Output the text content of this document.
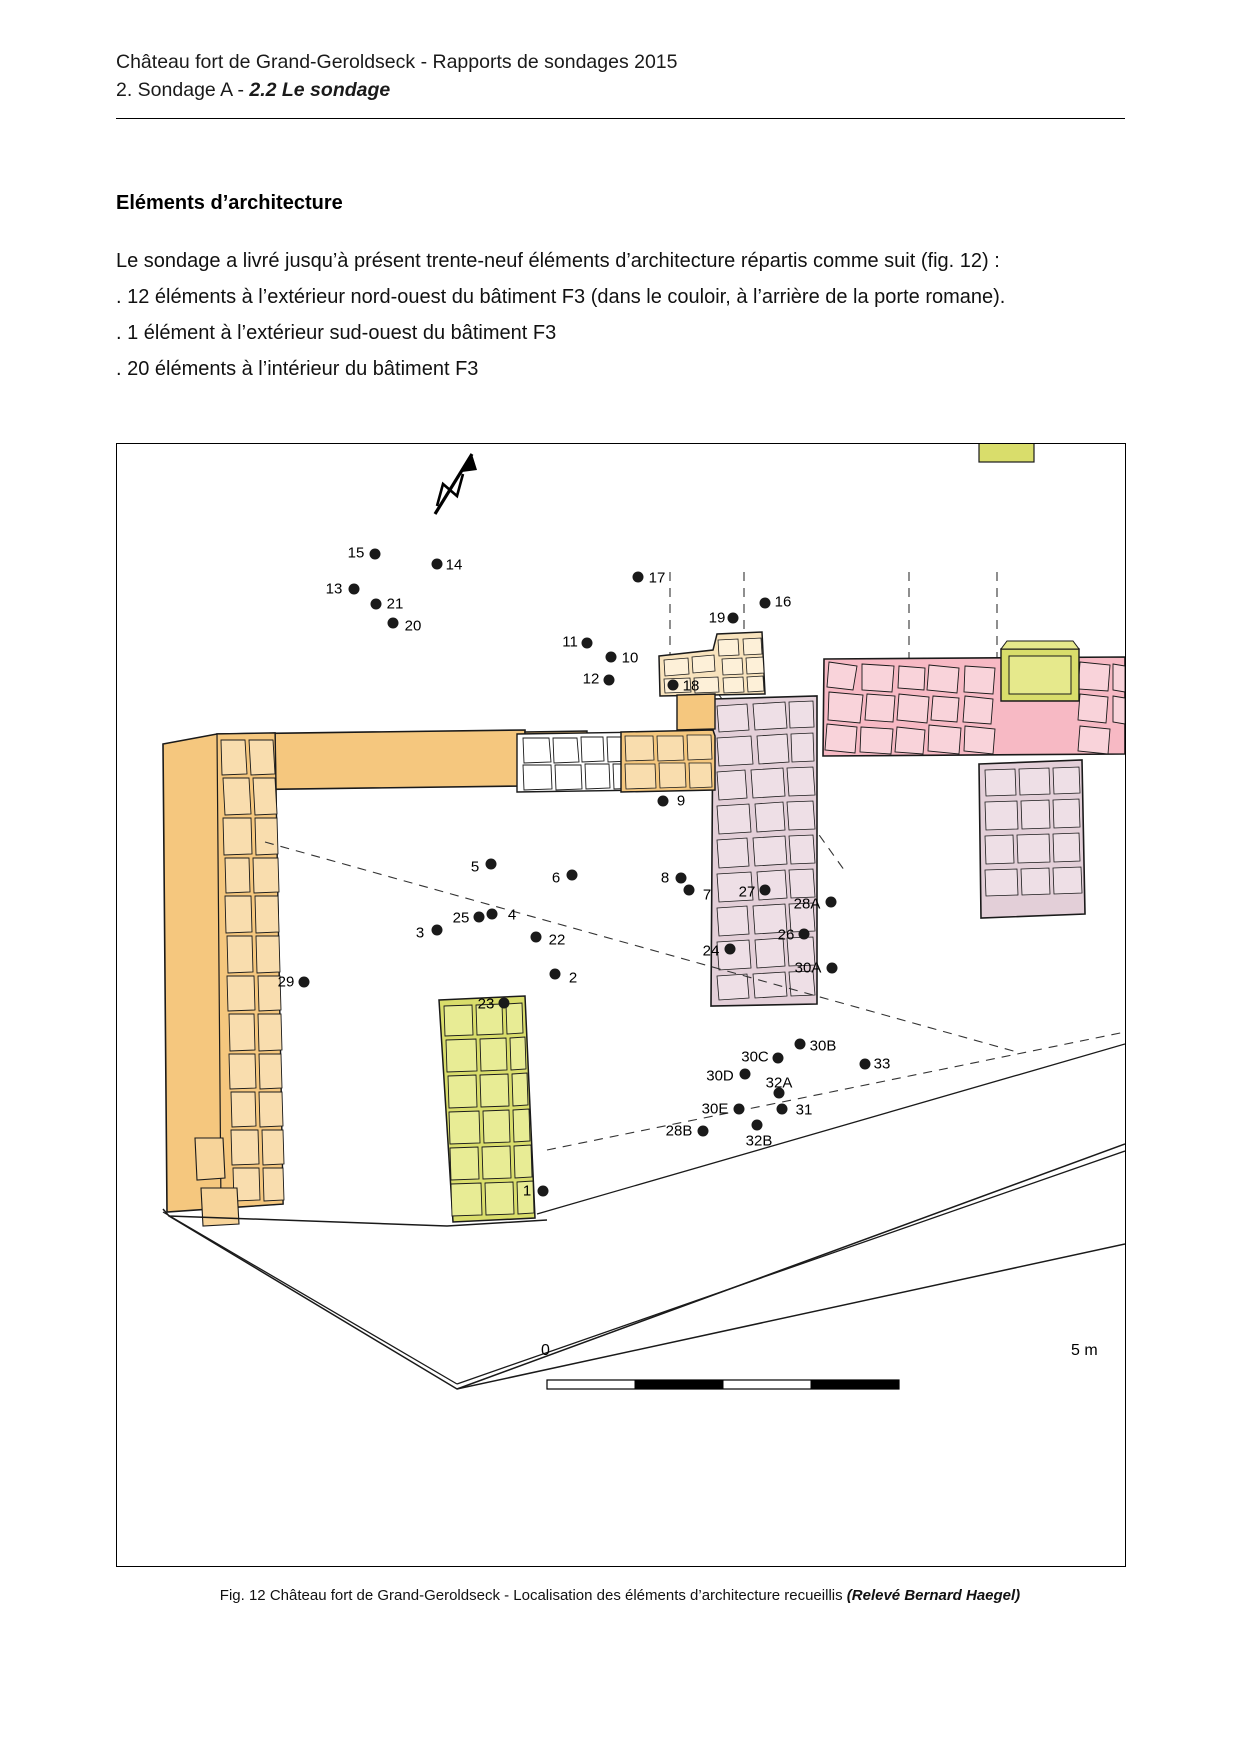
Château fort de Grand-Geroldseck - Rapports de sondages 2015
2. Sondage A - 2.2 Le sondage
Eléments d’architecture

Le sondage a livré jusqu’à présent trente-neuf éléments d’architecture répartis comme suit (fig. 12) :

. 12 éléments à l’extérieur nord-ouest du bâtiment F3 (dans le couloir, à l’arrière de la porte romane).

. 1 élément à l’extérieur sud-ouest du bâtiment F3

. 20 éléments à l’intérieur du bâtiment F3

15
14
13
21
20
17
16
19
11
10
12	18
9
5
6	8
7 27
28A
4
25
26
3	22
24
30A
2
29
23
30B
30C	33
30D 32A
30E	31
28B
32B
1
0	5 m
Fig. 12 Château fort de Grand-Geroldseck - Localisation des éléments d’architecture recueillis (Relevé Bernard Haegel)
